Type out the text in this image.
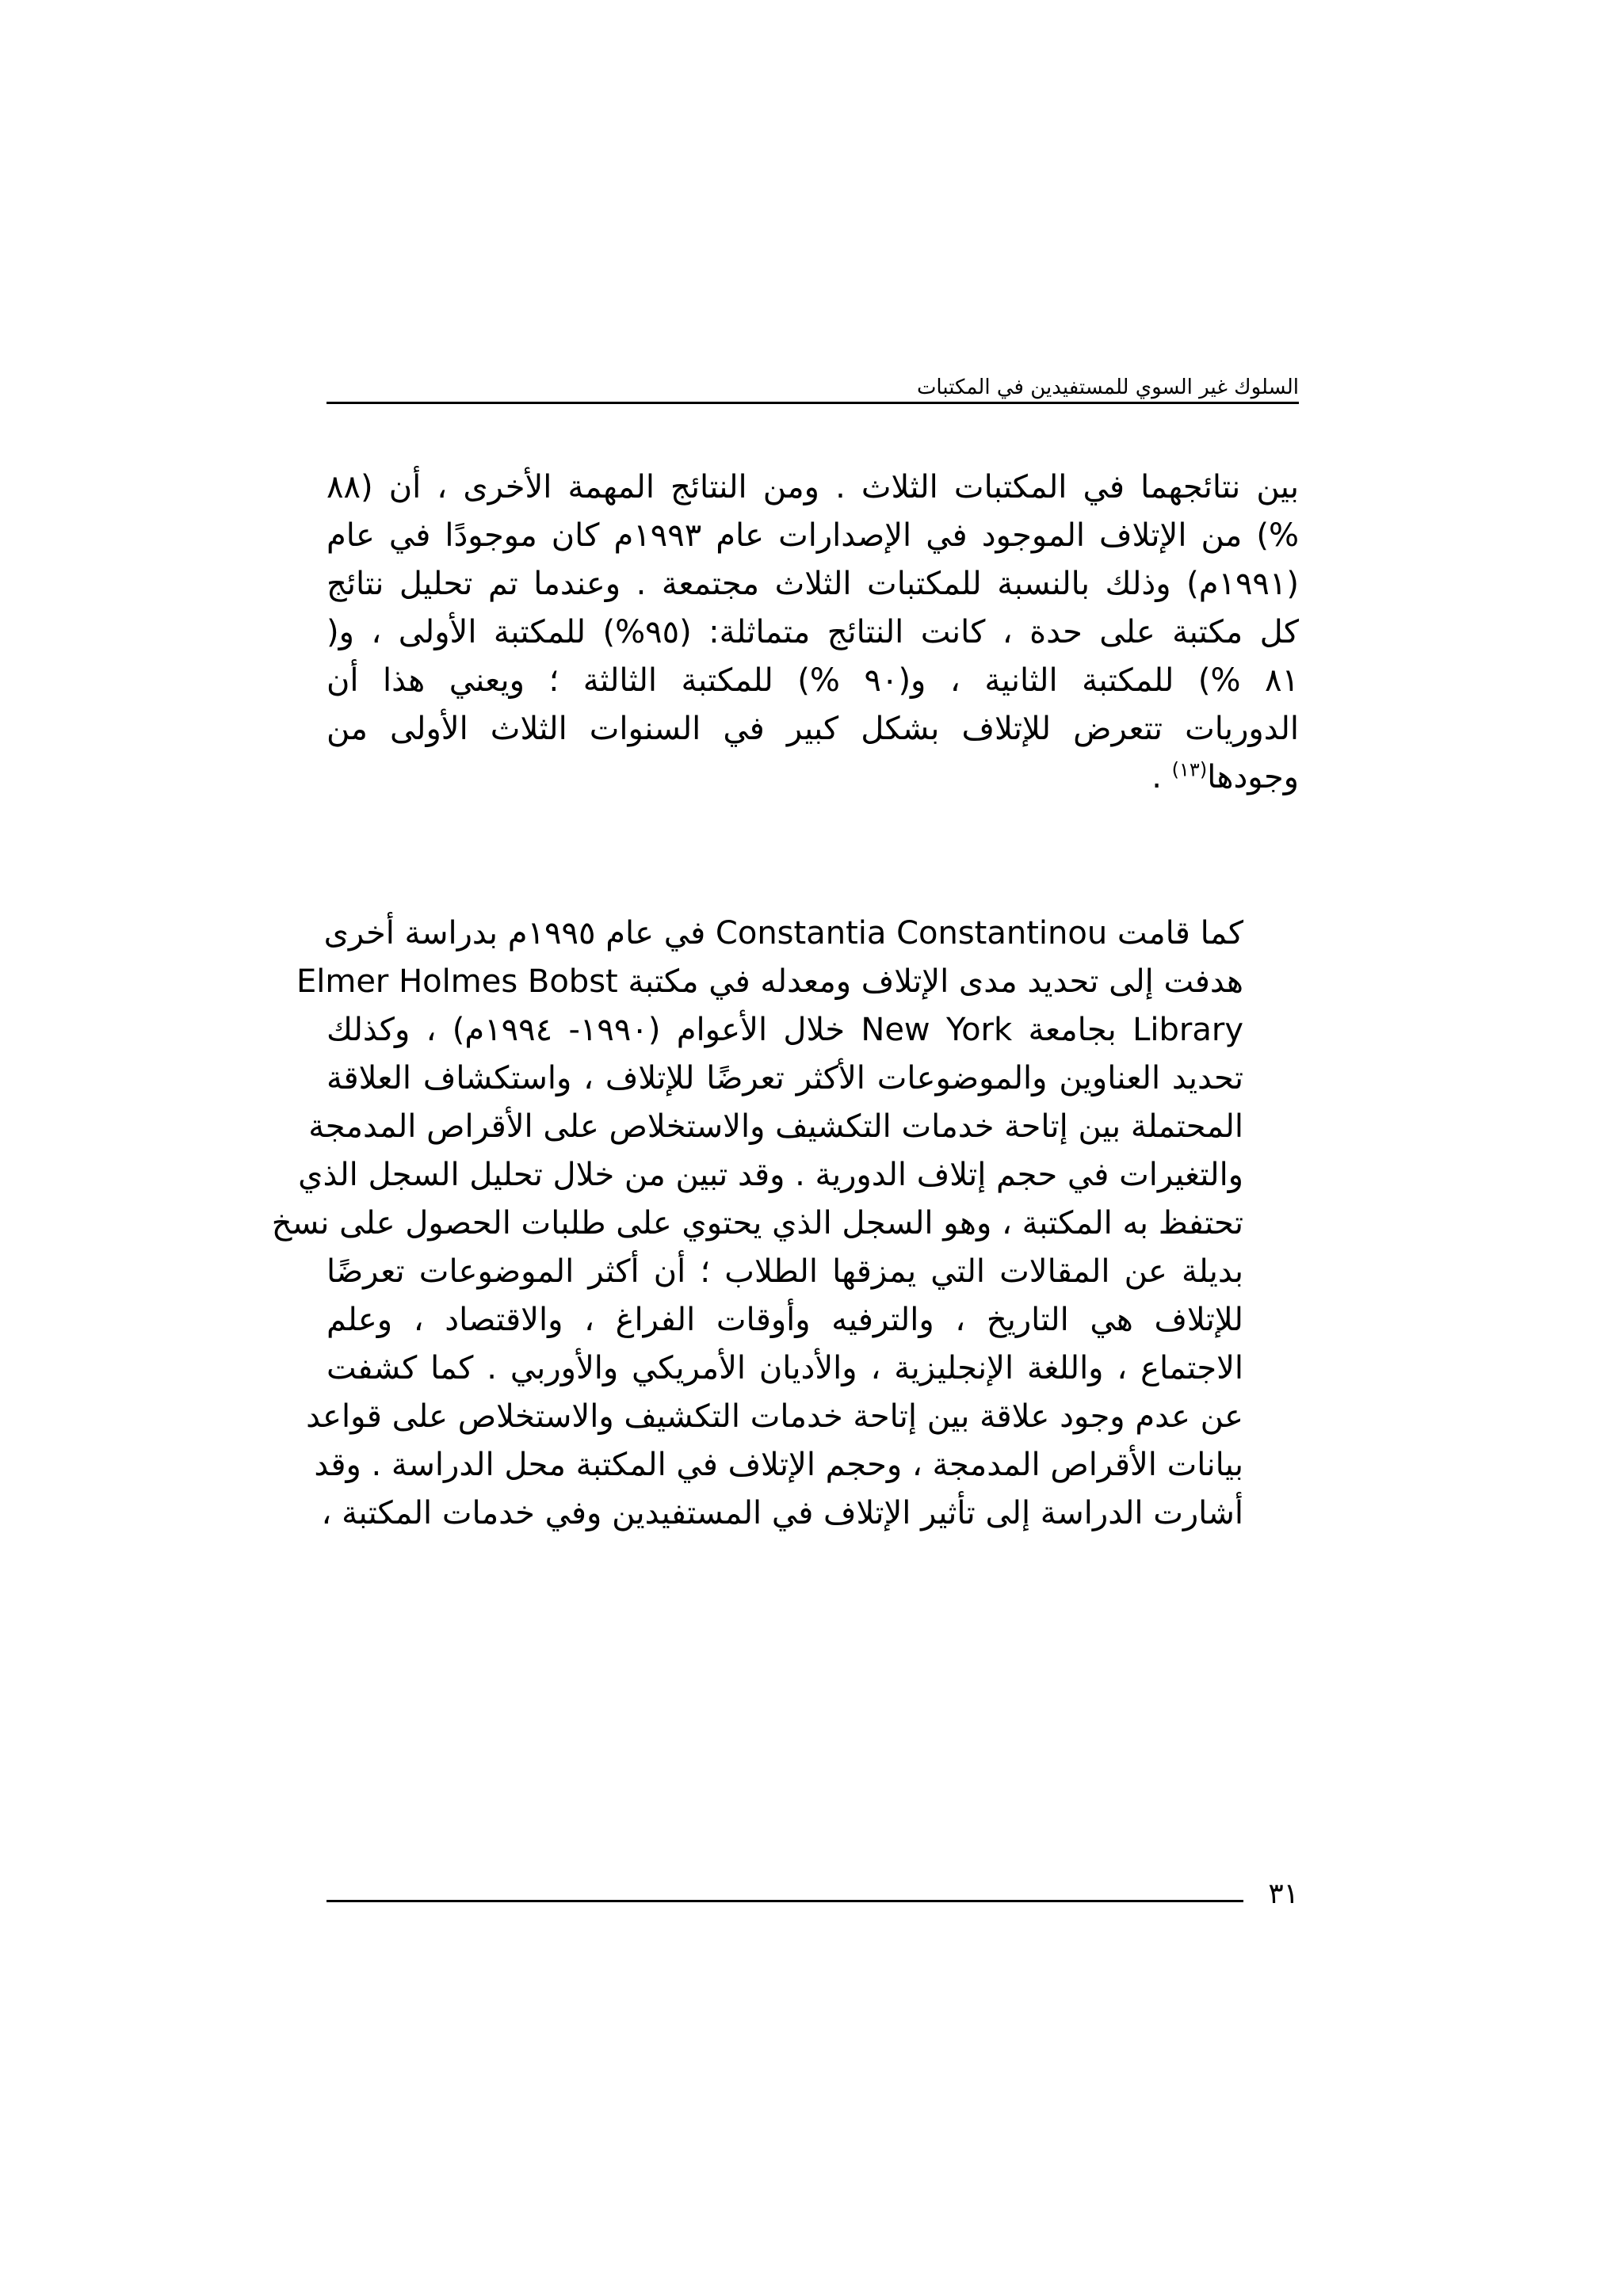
السلوك غير السوي للمستفيدين في المكتبات
بين نتائجهما في المكتبات الثلاث . ومن النتائج المهمة الأخرى ، أن (٨٨
%) من الإتلاف الموجود في الإصدارات عام ١٩٩٣م كان موجودًا في عام
(١٩٩١م) وذلك بالنسبة للمكتبات الثلاث مجتمعة . وعندما تم تحليل نتائج
كل مكتبة على حدة ، كانت النتائج متماثلة: (٩٥%) للمكتبة الأولى ، و(
٨١ %) للمكتبة الثانية ، و(٩٠ %) للمكتبة الثالثة ؛ ويعني هذا أن
الدوريات تتعرض للإتلاف بشكل كبير في السنوات الثلاث الأولى من
وجودها$^{(١٣)}$ .
كما قامت Constantia Constantinou في عام ١٩٩٥م بدراسة أخرى
هدفت إلى تحديد مدى الإتلاف ومعدله في مكتبة Elmer Holmes Bobst
Library بجامعة New York خلال الأعوام (١٩٩٠- ١٩٩٤م) ، وكذلك
تحديد العناوين والموضوعات الأكثر تعرضًا للإتلاف ، واستكشاف العلاقة
المحتملة بين إتاحة خدمات التكشيف والاستخلاص على الأقراص المدمجة
والتغيرات في حجم إتلاف الدورية . وقد تبين من خلال تحليل السجل الذي
تحتفظ به المكتبة ، وهو السجل الذي يحتوي على طلبات الحصول على نسخ
بديلة عن المقالات التي يمزقها الطلاب ؛ أن أكثر الموضوعات تعرضًا
للإتلاف هي التاريخ ، والترفيه وأوقات الفراغ ، والاقتصاد ، وعلم
الاجتماع ، واللغة الإنجليزية ، والأديان الأمريكي والأوربي . كما كشفت
عن عدم وجود علاقة بين إتاحة خدمات التكشيف والاستخلاص على قواعد
بيانات الأقراص المدمجة ، وحجم الإتلاف في المكتبة محل الدراسة . وقد
أشارت الدراسة إلى تأثير الإتلاف في المستفيدين وفي خدمات المكتبة ،
٣١
